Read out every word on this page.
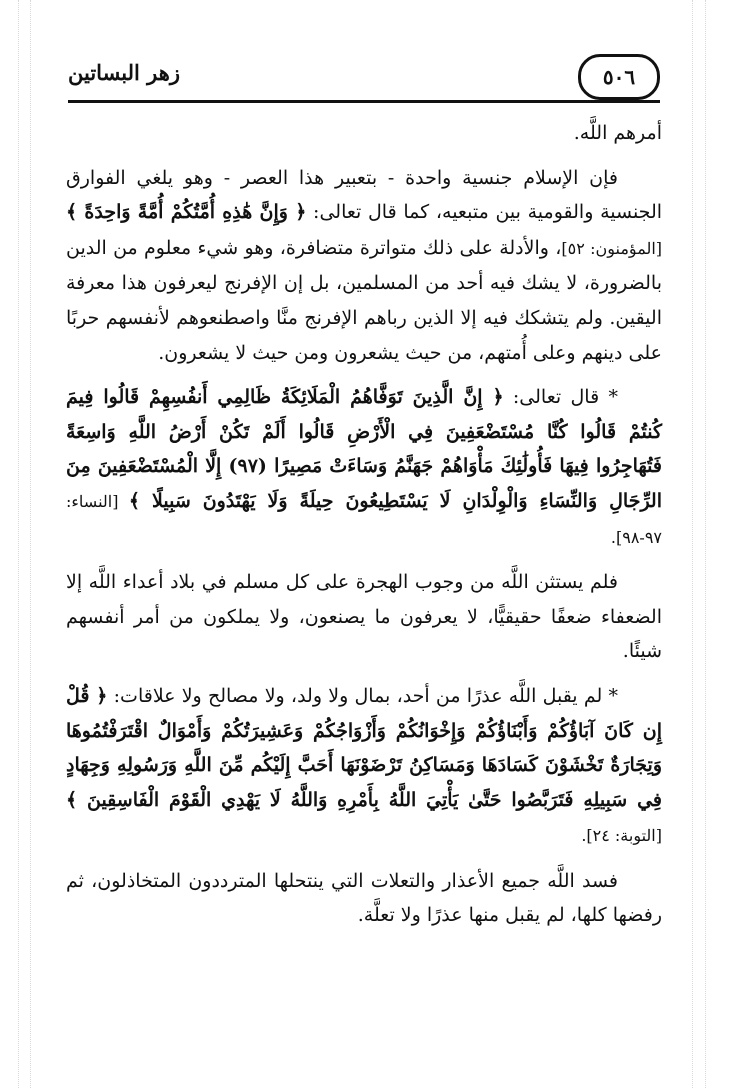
زهر البساتين	٥٠٦

أمرهم اللَّه.

فإن الإسلام جنسية واحدة - بتعبير هذا العصر - وهو يلغي الفوارق الجنسية والقومية بين متبعيه، كما قال تعالى: ﴿ وَإِنَّ هَٰذِهِ أُمَّتُكُمْ أُمَّةً وَاحِدَةً ﴾ [المؤمنون: ٥٢]، والأدلة على ذلك متواترة متضافرة، وهو شيء معلوم من الدين بالضرورة، لا يشك فيه أحد من المسلمين، بل إن الإفرنج ليعرفون هذا معرفة اليقين. ولم يتشكك فيه إلا الذين رباهم الإفرنج منَّا واصطنعوهم لأنفسهم حربًا على دينهم وعلى أُمتهم، من حيث يشعرون ومن حيث لا يشعرون.

* قال تعالى: ﴿ إِنَّ الَّذِينَ تَوَفَّاهُمُ الْمَلَائِكَةُ ظَالِمِي أَنفُسِهِمْ قَالُوا فِيمَ كُنتُمْ قَالُوا كُنَّا مُسْتَضْعَفِينَ فِي الْأَرْضِ قَالُوا أَلَمْ تَكُنْ أَرْضُ اللَّهِ وَاسِعَةً فَتُهَاجِرُوا فِيهَا فَأُولَٰئِكَ مَأْوَاهُمْ جَهَنَّمُ وَسَاءَتْ مَصِيرًا (٩٧) إِلَّا الْمُسْتَضْعَفِينَ مِنَ الرِّجَالِ وَالنِّسَاءِ وَالْوِلْدَانِ لَا يَسْتَطِيعُونَ حِيلَةً وَلَا يَهْتَدُونَ سَبِيلًا ﴾ [النساء: ٩٧-٩٨].

فلم يستثن اللَّه من وجوب الهجرة على كل مسلم في بلاد أعداء اللَّه إلا الضعفاء ضعفًا حقيقيًّا، لا يعرفون ما يصنعون، ولا يملكون من أمر أنفسهم شيئًا.

* لم يقبل اللَّه عذرًا من أحد، بمال ولا ولد، ولا مصالح ولا علاقات: ﴿ قُلْ إِن كَانَ آبَاؤُكُمْ وَأَبْنَاؤُكُمْ وَإِخْوَانُكُمْ وَأَزْوَاجُكُمْ وَعَشِيرَتُكُمْ وَأَمْوَالٌ اقْتَرَفْتُمُوهَا وَتِجَارَةٌ تَخْشَوْنَ كَسَادَهَا وَمَسَاكِنُ تَرْضَوْنَهَا أَحَبَّ إِلَيْكُم مِّنَ اللَّهِ وَرَسُولِهِ وَجِهَادٍ فِي سَبِيلِهِ فَتَرَبَّصُوا حَتَّىٰ يَأْتِيَ اللَّهُ بِأَمْرِهِ وَاللَّهُ لَا يَهْدِي الْقَوْمَ الْفَاسِقِينَ ﴾ [التوبة: ٢٤].

فسد اللَّه جميع الأعذار والتعلات التي ينتحلها المترددون المتخاذلون، ثم رفضها كلها، لم يقبل منها عذرًا ولا تعلَّة.
